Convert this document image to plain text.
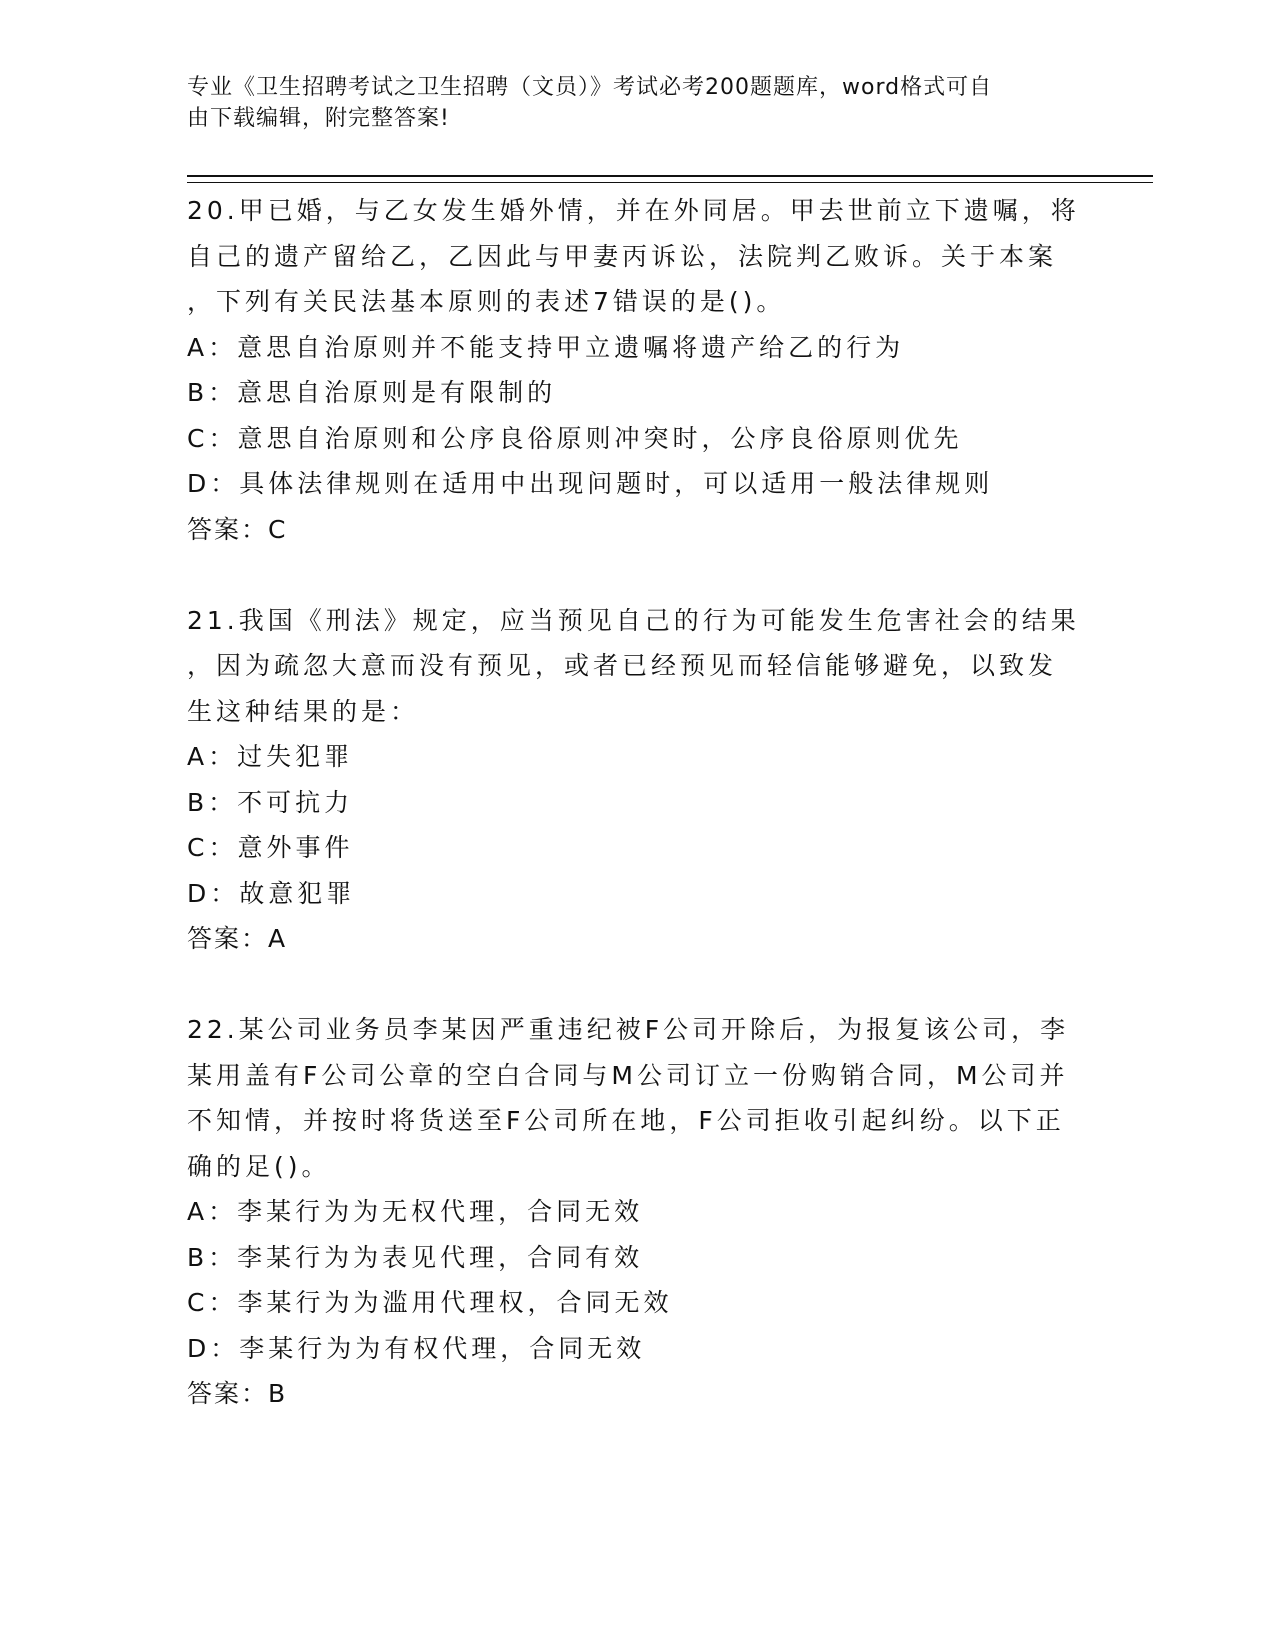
专业《卫生招聘考试之卫生招聘（文员）》考试必考200题题库，word格式可自
由下载编辑，附完整答案!
20.甲已婚，与乙女发生婚外情，并在外同居。甲去世前立下遗嘱，将
自己的遗产留给乙，乙因此与甲妻丙诉讼，法院判乙败诉。关于本案
，下列有关民法基本原则的表述7错误的是()。
A：意思自治原则并不能支持甲立遗嘱将遗产给乙的行为
B：意思自治原则是有限制的
C：意思自治原则和公序良俗原则冲突时，公序良俗原则优先
D：具体法律规则在适用中出现问题时，可以适用一般法律规则
答案：C
21.我国《刑法》规定，应当预见自己的行为可能发生危害社会的结果
，因为疏忽大意而没有预见，或者已经预见而轻信能够避免，以致发
生这种结果的是：
A：过失犯罪
B：不可抗力
C：意外事件
D：故意犯罪
答案：A
22.某公司业务员李某因严重违纪被F公司开除后，为报复该公司，李
某用盖有F公司公章的空白合同与M公司订立一份购销合同，M公司并
不知情，并按时将货送至F公司所在地，F公司拒收引起纠纷。以下正
确的足()。
A：李某行为为无权代理，合同无效
B：李某行为为表见代理，合同有效
C：李某行为为滥用代理权，合同无效
D：李某行为为有权代理，合同无效
答案：B
